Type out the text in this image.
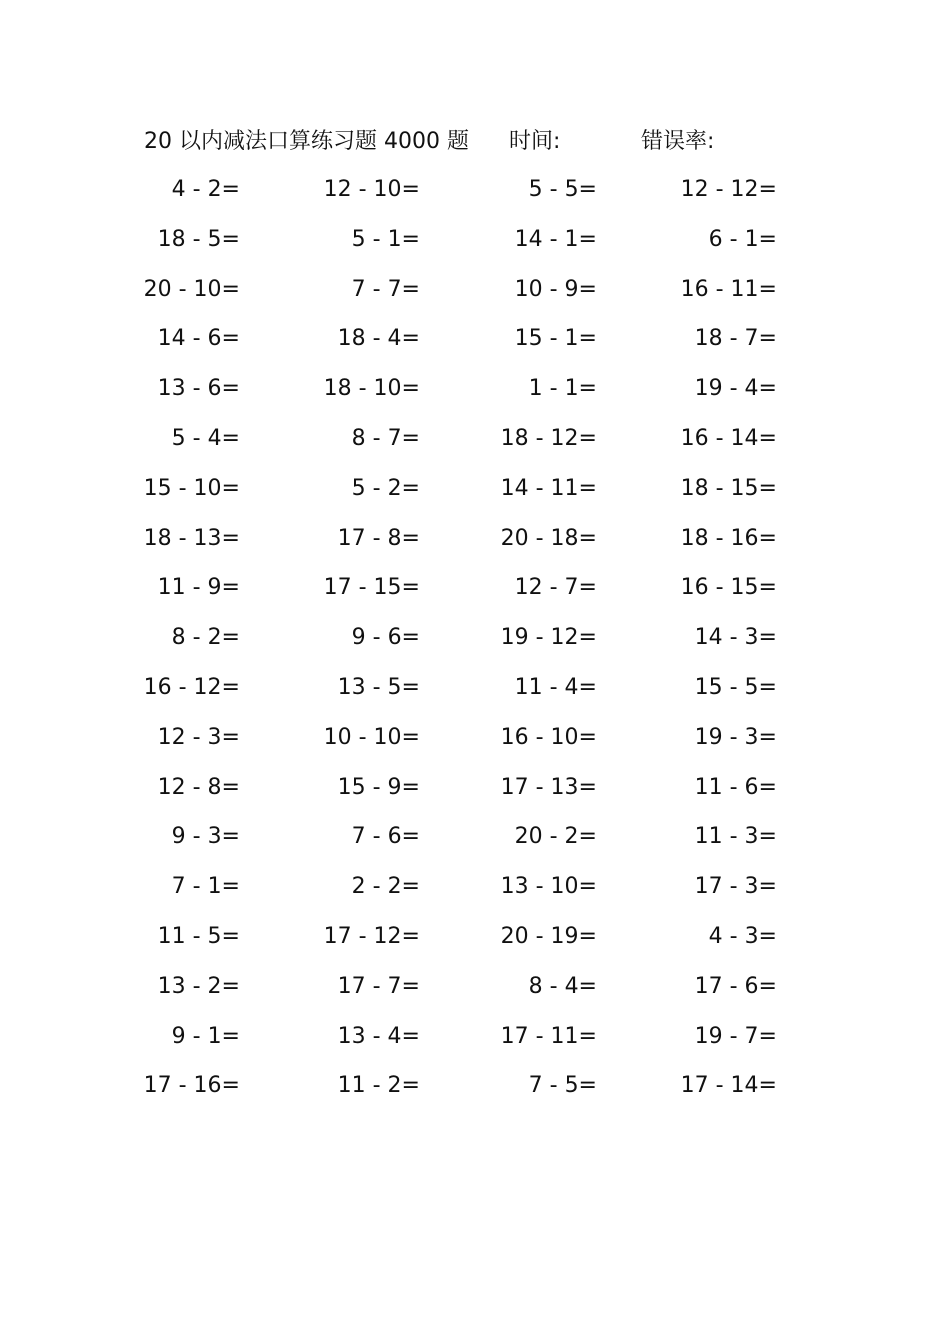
20 以内减法口算练习题 4000 题 时间:	错误率:
4 - 2=	12 - 10=	5 - 5=	12 - 12=
18 - 5=	5 - 1=	14 - 1=	6 - 1=
20 - 10=	7 - 7=	10 - 9=	16 - 11=
14 - 6=	18 - 4=	15 - 1=	18 - 7=
13 - 6=	18 - 10=	1 - 1=	19 - 4=
5 - 4=	8 - 7=	18 - 12=	16 - 14=
15 - 10=	5 - 2=	14 - 11=	18 - 15=
18 - 13=	17 - 8=	20 - 18=	18 - 16=
11 - 9=	17 - 15=	12 - 7=	16 - 15=
8 - 2=	9 - 6=	19 - 12=	14 - 3=
16 - 12=	13 - 5=	11 - 4=	15 - 5=
12 - 3=	10 - 10=	16 - 10=	19 - 3=
12 - 8=	15 - 9=	17 - 13=	11 - 6=
9 - 3=	7 - 6=	20 - 2=	11 - 3=
7 - 1=	2 - 2=	13 - 10=	17 - 3=
11 - 5=	17 - 12=	20 - 19=	4 - 3=
13 - 2=	17 - 7=	8 - 4=	17 - 6=
9 - 1=	13 - 4=	17 - 11=	19 - 7=
17 - 16=	11 - 2=	7 - 5=	17 - 14=
